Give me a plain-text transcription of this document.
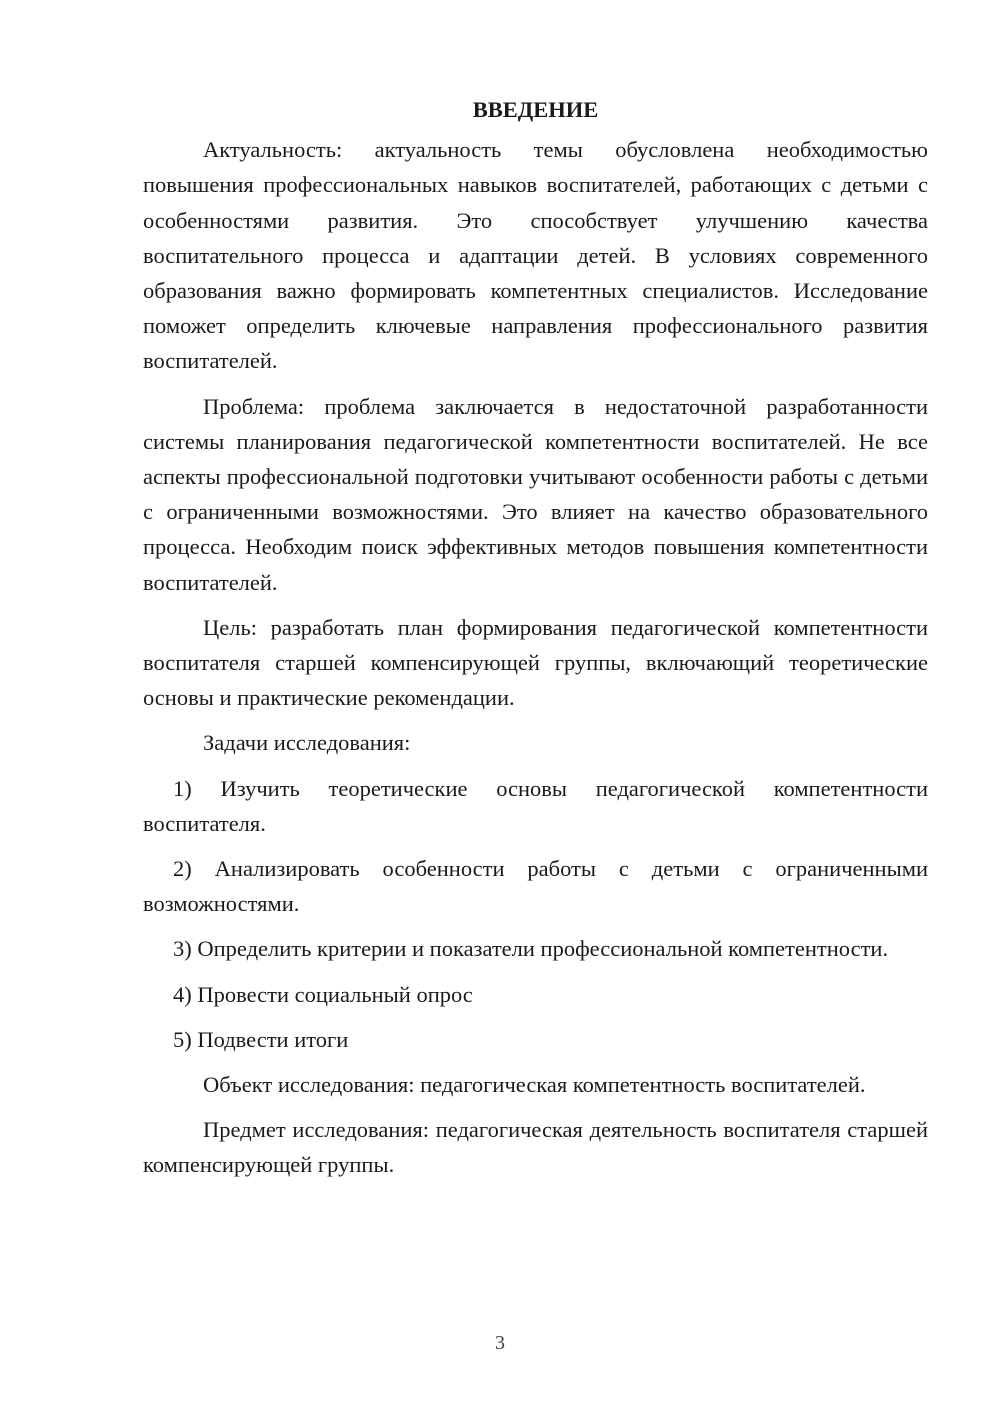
ВВЕДЕНИЕ

Актуальность: актуальность темы обусловлена необходимостью повышения профессиональных навыков воспитателей, работающих с детьми с особенностями развития. Это способствует улучшению качества воспитательного процесса и адаптации детей. В условиях современного образования важно формировать компетентных специалистов. Исследование поможет определить ключевые направления профессионального развития воспитателей.

Проблема: проблема заключается в недостаточной разработанности системы планирования педагогической компетентности воспитателей. Не все аспекты профессиональной подготовки учитывают особенности работы с детьми с ограниченными возможностями. Это влияет на качество образовательного процесса. Необходим поиск эффективных методов повышения компетентности воспитателей.

Цель: разработать план формирования педагогической компетентности воспитателя старшей компенсирующей группы, включающий теоретические основы и практические рекомендации.

Задачи исследования:

1) Изучить теоретические основы педагогической компетентности воспитателя.

2) Анализировать особенности работы с детьми с ограниченными возможностями.

3) Определить критерии и показатели профессиональной компетентности.

4) Провести социальный опрос

5) Подвести итоги

Объект исследования: педагогическая компетентность воспитателей.

Предмет исследования: педагогическая деятельность воспитателя старшей компенсирующей группы.

3
